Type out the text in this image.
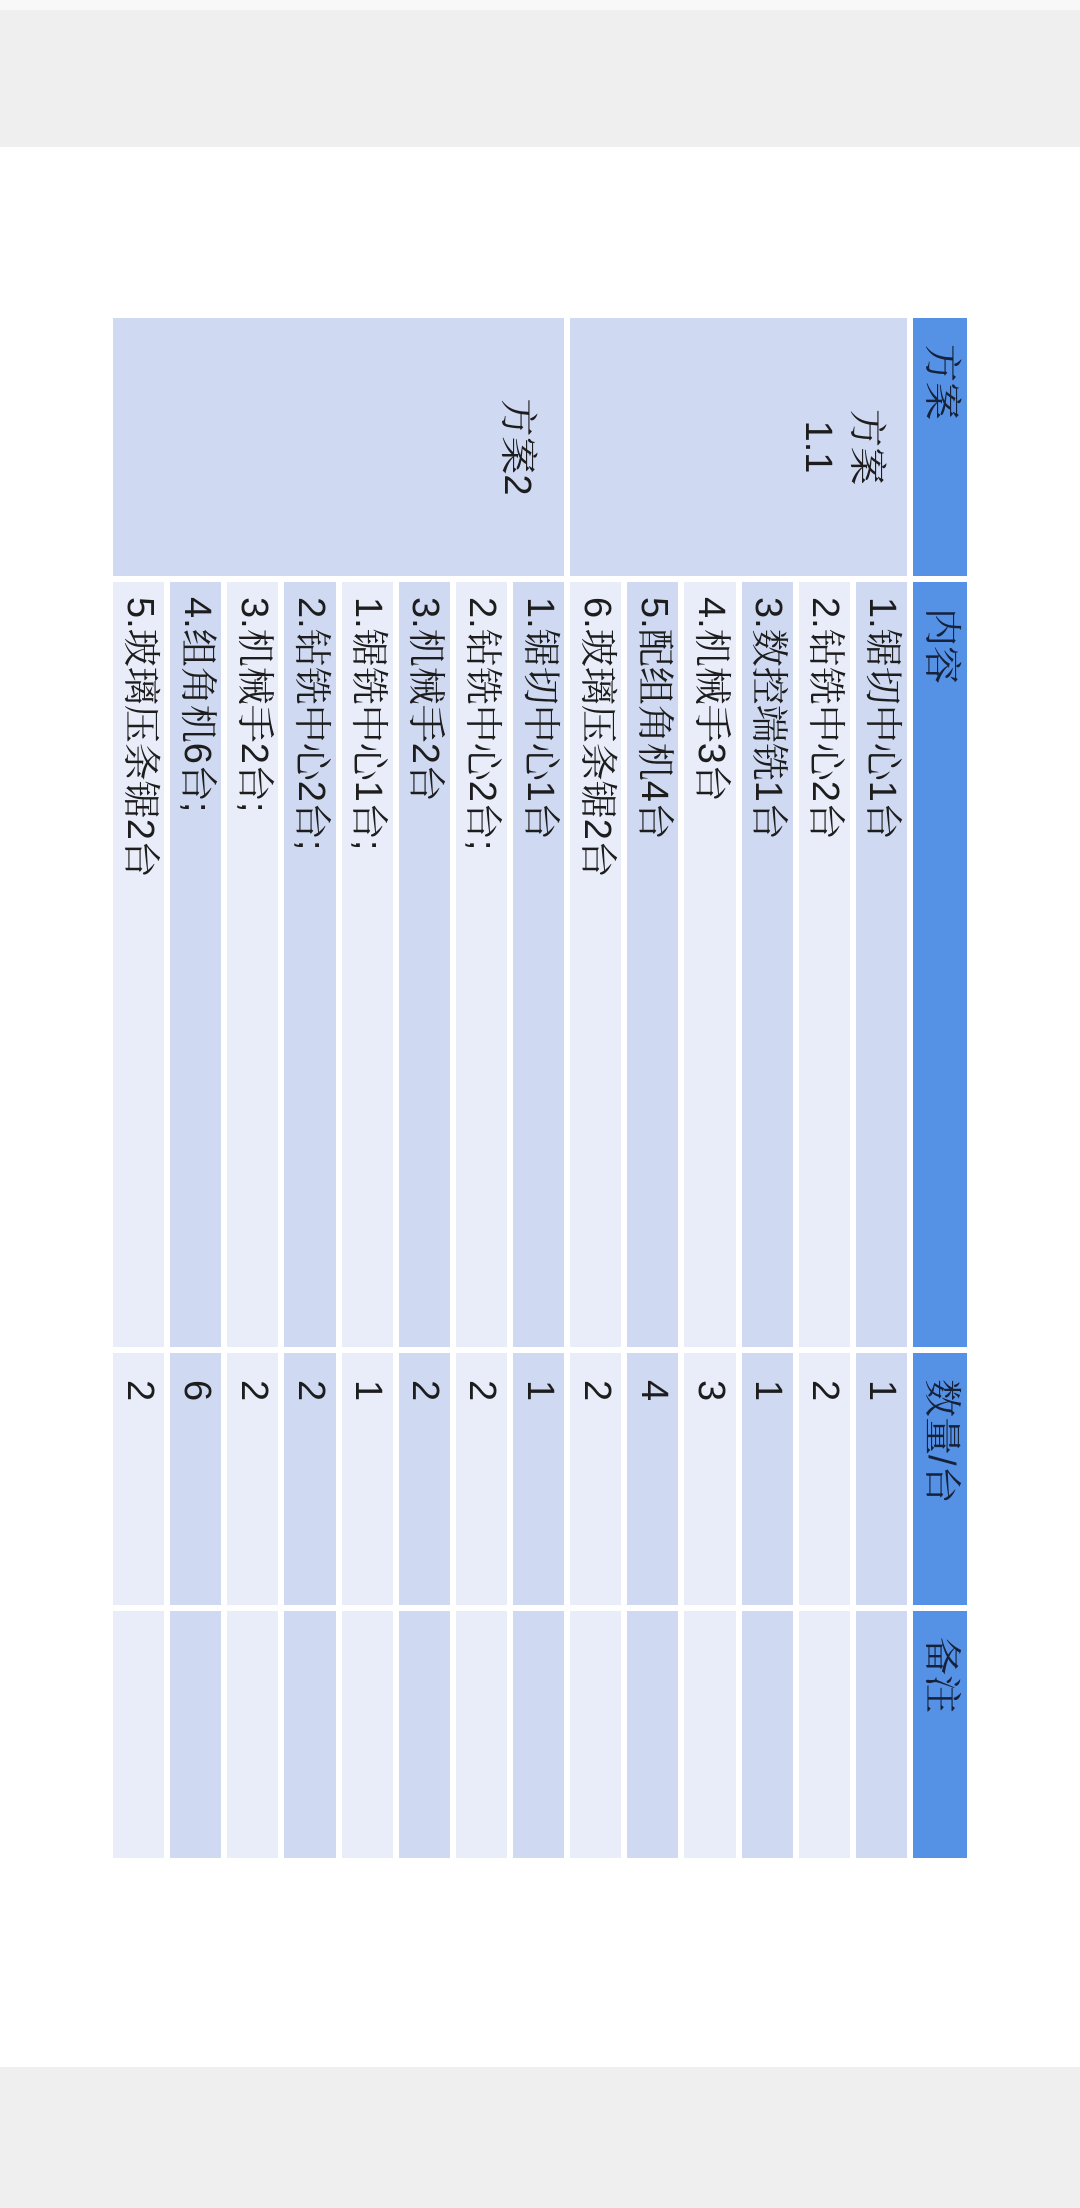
方案
内容
数量/台
备注
方案 1.1
方案2
1.锯切中心1台
1
2.钻铣中心2台
2
3.数控端铣1台
1
4.机械手3台
3
5.配组角机4台
4
6.玻璃压条锯2台
2
1.锯切中心1台
1
2.钻铣中心2台;
2
3.机械手2台
2
1.锯铣中心1台;
1
2.钻铣中心2台;
2
3.机械手2台;
2
4.组角机6台;
6
5.玻璃压条锯2台
2
